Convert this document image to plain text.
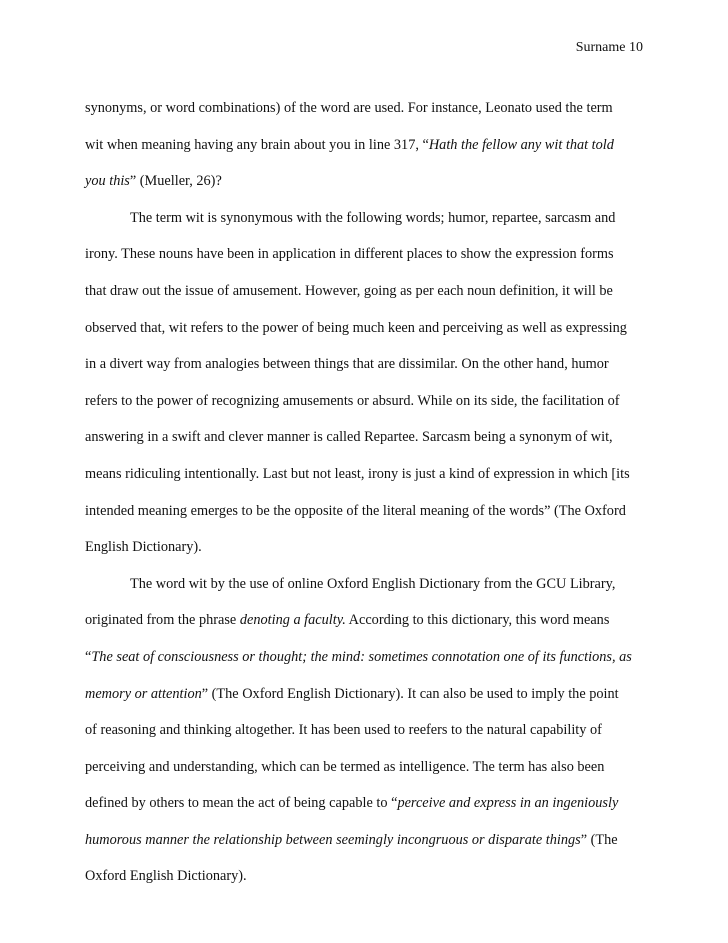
Surname 10
synonyms, or word combinations) of the word are used. For instance, Leonato used the term
wit when meaning having any brain about you in line 317, “Hath the fellow any wit that told
you this” (Mueller, 26)?
The term wit is synonymous with the following words; humor, repartee, sarcasm and
irony. These nouns have been in application in different places to show the expression forms
that draw out the issue of amusement. However, going as per each noun definition, it will be
observed that, wit refers to the power of being much keen and perceiving as well as expressing
in a divert way from analogies between things that are dissimilar. On the other hand, humor
refers to the power of recognizing amusements or absurd. While on its side, the facilitation of
answering in a swift and clever manner is called Repartee. Sarcasm being a synonym of wit,
means ridiculing intentionally. Last but not least, irony is just a kind of expression in which [its
intended meaning emerges to be the opposite of the literal meaning of the words” (The Oxford
English Dictionary).
The word wit by the use of online Oxford English Dictionary from the GCU Library,
originated from the phrase denoting a faculty. According to this dictionary, this word means
“The seat of consciousness or thought; the mind: sometimes connotation one of its functions, as
memory or attention” (The Oxford English Dictionary). It can also be used to imply the point
of reasoning and thinking altogether. It has been used to reefers to the natural capability of
perceiving and understanding, which can be termed as intelligence. The term has also been
defined by others to mean the act of being capable to “perceive and express in an ingeniously
humorous manner the relationship between seemingly incongruous or disparate things” (The
Oxford English Dictionary).
